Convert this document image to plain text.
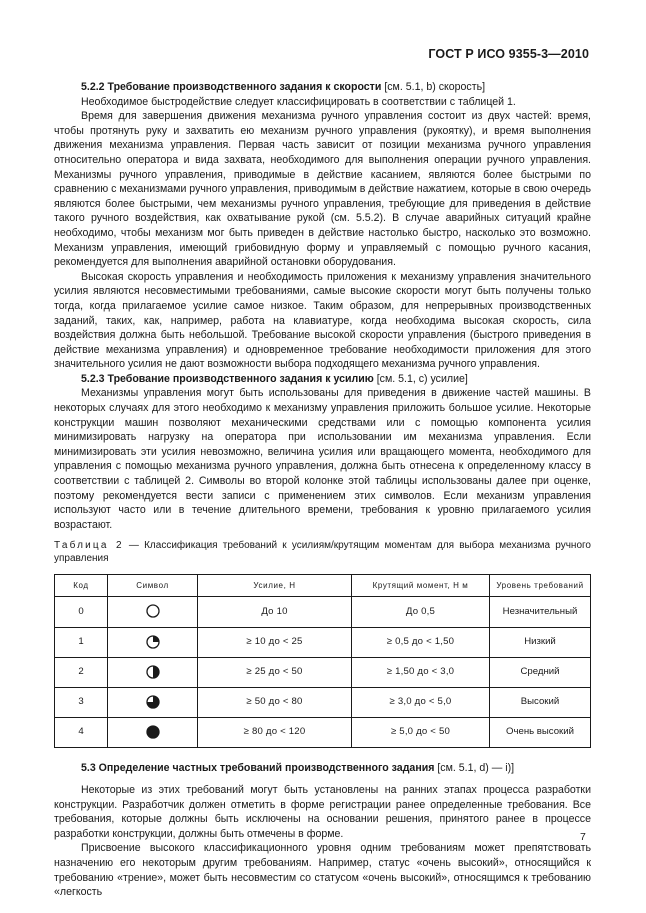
ГОСТ Р ИСО 9355-3—2010

5.2.2 Требование производственного задания к скорости [см. 5.1, b) скорость]

Необходимое быстродействие следует классифицировать в соответствии с таблицей 1.

Время для завершения движения механизма ручного управления состоит из двух частей: время, чтобы протянуть руку и захватить ею механизм ручного управления (рукоятку), и время выполнения движения механизма управления. Первая часть зависит от позиции механизма ручного управления относительно оператора и вида захвата, необходимого для выполнения операции ручного управления. Механизмы ручного управления, приводимые в действие касанием, являются более быстрыми по сравнению с механизмами ручного управления, приводимым в действие нажатием, которые в свою очередь являются более быстрыми, чем механизмы ручного управления, требующие для приведения в действие такого ручного воздействия, как охватывание рукой (см. 5.5.2). В случае аварийных ситуаций крайне необходимо, чтобы механизм мог быть приведен в действие настолько быстро, насколько это возможно. Механизм управления, имеющий грибовидную форму и управляемый с помощью ручного касания, рекомендуется для выполнения аварийной остановки оборудования.

Высокая скорость управления и необходимость приложения к механизму управления значительного усилия являются несовместимыми требованиями, самые высокие скорости могут быть получены только тогда, когда прилагаемое усилие самое низкое. Таким образом, для непрерывных производственных заданий, таких, как, например, работа на клавиатуре, когда необходима высокая скорость, сила воздействия должна быть небольшой. Требование высокой скорости управления (быстрого приведения в действие механизма управления) и одновременное требование необходимости приложения для этого значительного усилия не дают возможности выбора подходящего механизма ручного управления.

5.2.3 Требование производственного задания к усилию [см. 5.1, с) усилие]

Механизмы управления могут быть использованы для приведения в движение частей машины. В некоторых случаях для этого необходимо к механизму управления приложить большое усилие. Некоторые конструкции машин позволяют механическими средствами или с помощью компонента усилия минимизировать нагрузку на оператора при использовании им механизма управления. Если минимизировать эти усилия невозможно, величина усилия или вращающего момента, необходимого для управления с помощью механизма ручного управления, должна быть отнесена к определенному классу в соответствии с таблицей 2. Символы во второй колонке этой таблицы использованы далее при оценке, поэтому рекомендуется вести записи с применением этих символов. Если механизм управления используют часто или в течение длительного времени, требования к уровню прилагаемого усилия возрастают.

Таблица 2 — Классификация требований к усилиям/крутящим моментам для выбора механизма ручного управления

Код	Символ	Усилие, Н	Крутящий момент, Н м	Уровень требований
0		До 10	До 0,5	Незначительный
1		≥ 10 до < 25	≥ 0,5 до < 1,50	Низкий
2		≥ 25 до < 50	≥ 1,50 до < 3,0	Средний
3		≥ 50 до < 80	≥ 3,0 до < 5,0	Высокий
4		≥ 80 до < 120	≥ 5,0 до < 50	Очень высокий

5.3 Определение частных требований производственного задания [см. 5.1, d) — i)]

Некоторые из этих требований могут быть установлены на ранних этапах процесса разработки конструкции. Разработчик должен отметить в форме регистрации ранее определенные требования. Все требования, которые должны быть исключены на основании решения, принятого ранее в процессе разработки конструкции, должны быть отмечены в форме.

Присвоение высокого классификационного уровня одним требованиям может препятствовать назначению его некоторым другим требованиям. Например, статус «очень высокий», относящийся к требованию «трение», может быть несовместим со статусом «очень высокий», относящимся к требованию «легкость

7
